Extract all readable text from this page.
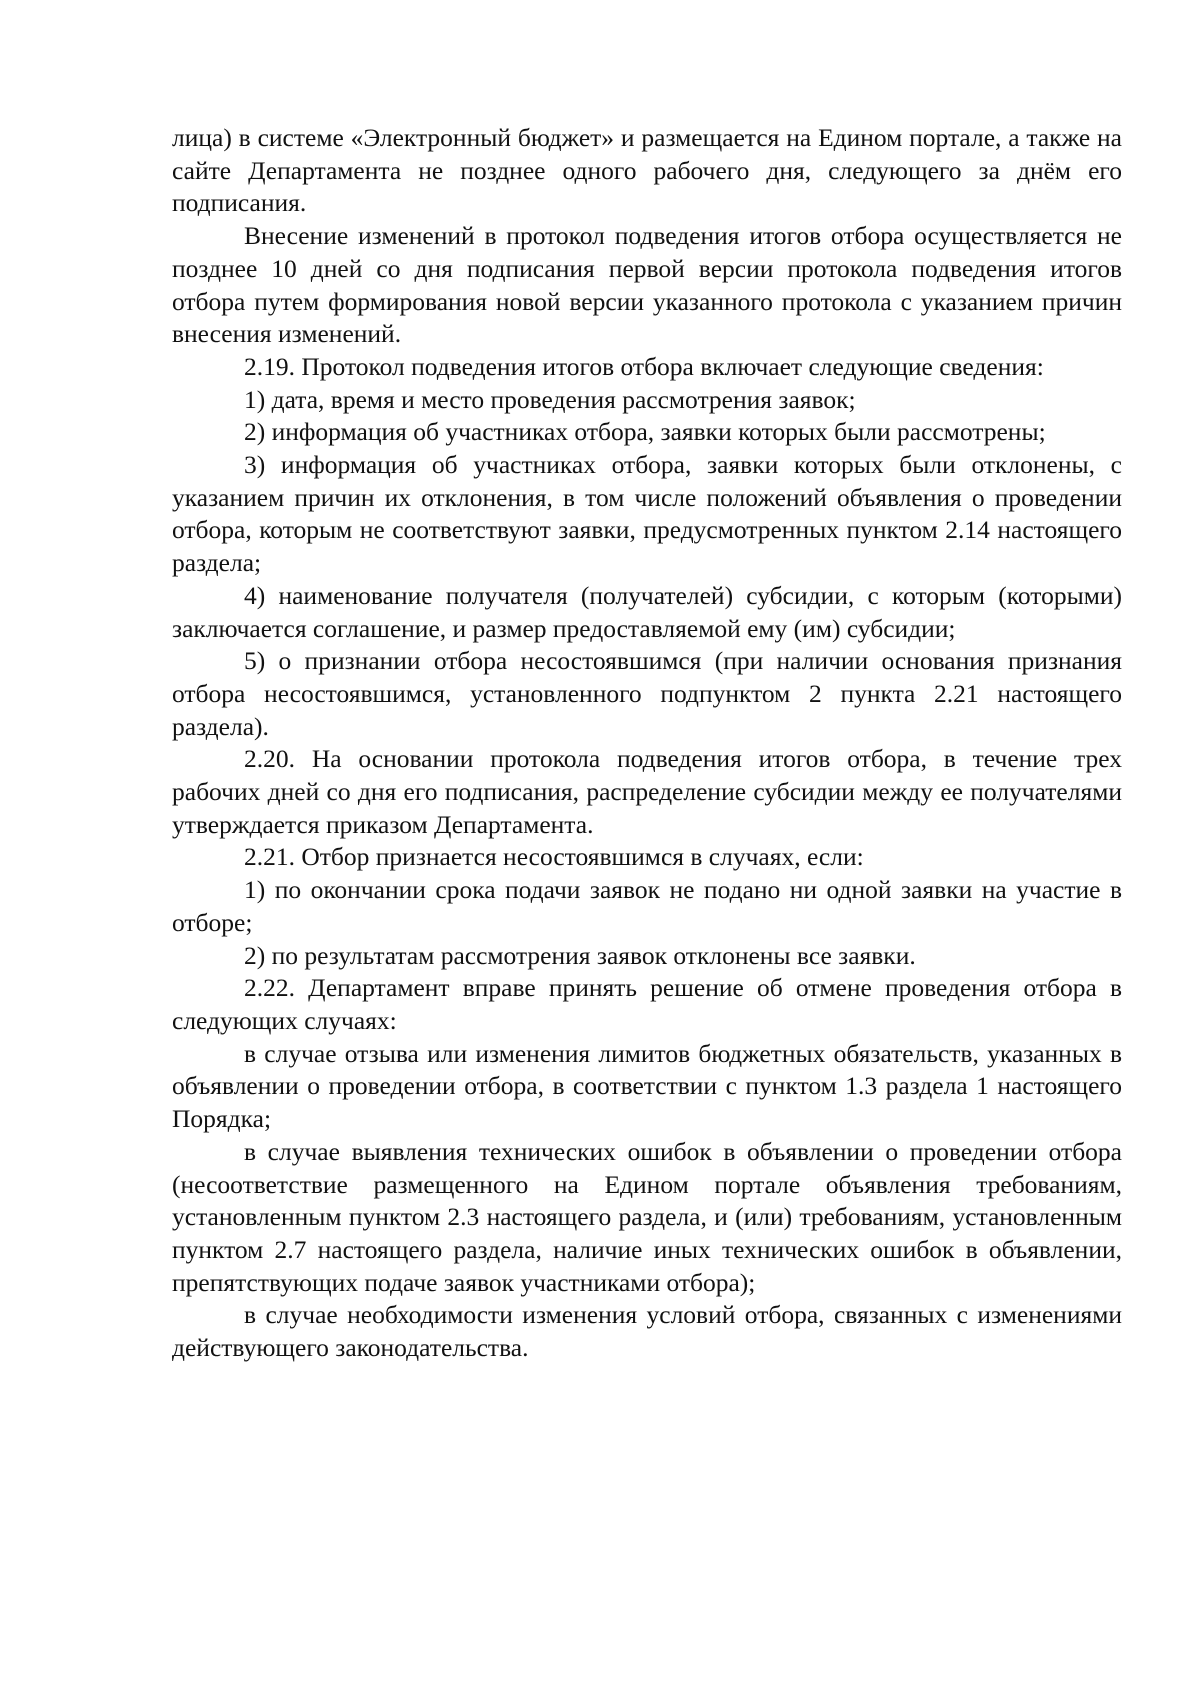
лица) в системе «Электронный бюджет» и размещается на Едином портале, а также на сайте Департамента не позднее одного рабочего дня, следующего за днём его подписания.

Внесение изменений в протокол подведения итогов отбора осуществляется не позднее 10 дней со дня подписания первой версии протокола подведения итогов отбора путем формирования новой версии указанного протокола с указанием причин внесения изменений.

2.19. Протокол подведения итогов отбора включает следующие сведения:

1) дата, время и место проведения рассмотрения заявок;

2) информация об участниках отбора, заявки которых были рассмотрены;

3) информация об участниках отбора, заявки которых были отклонены, с указанием причин их отклонения, в том числе положений объявления о проведении отбора, которым не соответствуют заявки, предусмотренных пунктом 2.14 настоящего раздела;

4) наименование получателя (получателей) субсидии, с которым (которыми) заключается соглашение, и размер предоставляемой ему (им) субсидии;

5) о признании отбора несостоявшимся (при наличии основания признания отбора несостоявшимся, установленного подпунктом 2 пункта 2.21 настоящего раздела).

2.20. На основании протокола подведения итогов отбора, в течение трех рабочих дней со дня его подписания, распределение субсидии между ее получателями утверждается приказом Департамента.

2.21. Отбор признается несостоявшимся в случаях, если:

1) по окончании срока подачи заявок не подано ни одной заявки на участие в отборе;

2) по результатам рассмотрения заявок отклонены все заявки.

2.22. Департамент вправе принять решение об отмене проведения отбора в следующих случаях:

в случае отзыва или изменения лимитов бюджетных обязательств, указанных в объявлении о проведении отбора, в соответствии с пунктом 1.3 раздела 1 настоящего Порядка;

в случае выявления технических ошибок в объявлении о проведении отбора (несоответствие размещенного на Едином портале объявления требованиям, установленным пунктом 2.3 настоящего раздела, и (или) требованиям, установленным пунктом 2.7 настоящего раздела, наличие иных технических ошибок в объявлении, препятствующих подаче заявок участниками отбора);

в случае необходимости изменения условий отбора, связанных с изменениями действующего законодательства.
